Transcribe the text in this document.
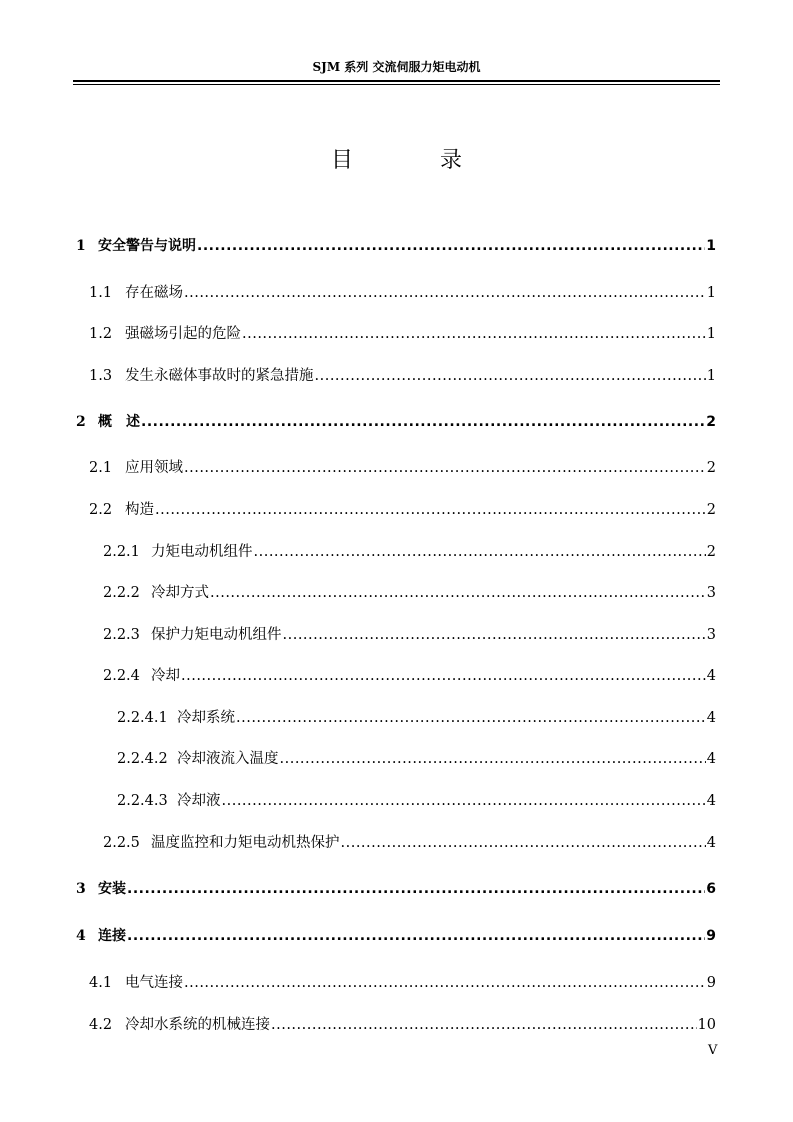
SJM 系列 交流伺服力矩电动机
目 录
1 安全警告与说明 .....	1
1.1 存在磁场 .....	1
1.2 强磁场引起的危险 .....	1
1.3 发生永磁体事故时的紧急措施 .....	1
2 概　述 .....	2
2.1 应用领域 .....	2
2.2 构造 .....	2
2.2.1 力矩电动机组件 .....	2
2.2.2 冷却方式 .....	3
2.2.3 保护力矩电动机组件 .....	3
2.2.4 冷却 .....	4
2.2.4.1 冷却系统 .....	4
2.2.4.2 冷却液流入温度 .....	4
2.2.4.3 冷却液 .....	4
2.2.5 温度监控和力矩电动机热保护 .....	4
3 安装 .....	6
4 连接 .....	9
4.1 电气连接 .....	9
4.2 冷却水系统的机械连接 .....	10
V
